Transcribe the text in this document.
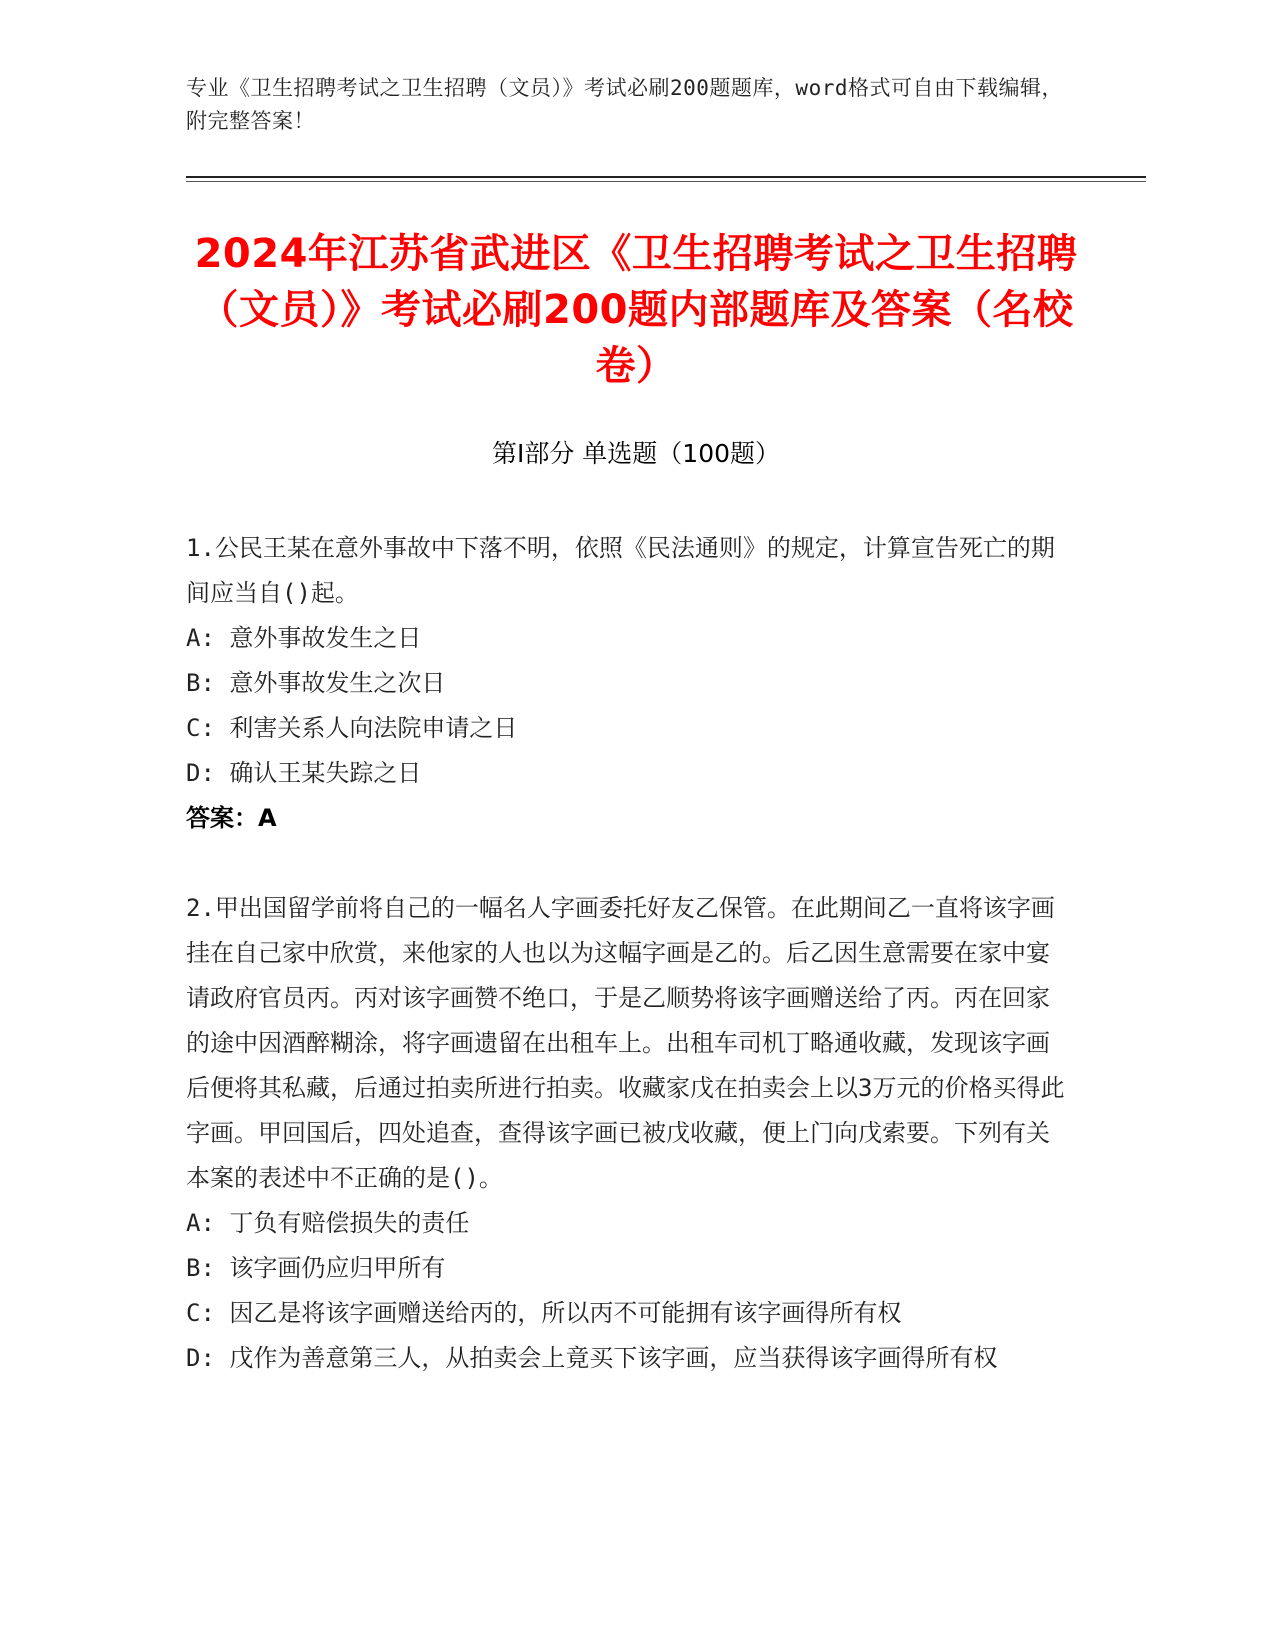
专业《卫生招聘考试之卫生招聘（文员）》考试必刷200题题库，word格式可自由下载编辑，附完整答案！
2024年江苏省武进区《卫生招聘考试之卫生招聘（文员）》考试必刷200题内部题库及答案（名校卷）
第Ⅰ部分 单选题（100题）

1.公民王某在意外事故中下落不明，依照《民法通则》的规定，计算宣告死亡的期间应当自()起。

A: 意外事故发生之日

B: 意外事故发生之次日

C: 利害关系人向法院申请之日

D: 确认王某失踪之日

答案：A

2.甲出国留学前将自己的一幅名人字画委托好友乙保管。在此期间乙一直将该字画挂在自己家中欣赏，来他家的人也以为这幅字画是乙的。后乙因生意需要在家中宴请政府官员丙。丙对该字画赞不绝口，于是乙顺势将该字画赠送给了丙。丙在回家的途中因酒醉糊涂，将字画遗留在出租车上。出租车司机丁略通收藏，发现该字画后便将其私藏，后通过拍卖所进行拍卖。收藏家戊在拍卖会上以3万元的价格买得此字画。甲回国后，四处追查，查得该字画已被戊收藏，便上门向戊索要。下列有关本案的表述中不正确的是()。

A: 丁负有赔偿损失的责任

B: 该字画仍应归甲所有

C: 因乙是将该字画赠送给丙的，所以丙不可能拥有该字画得所有权

D: 戊作为善意第三人，从拍卖会上竟买下该字画，应当获得该字画得所有权
